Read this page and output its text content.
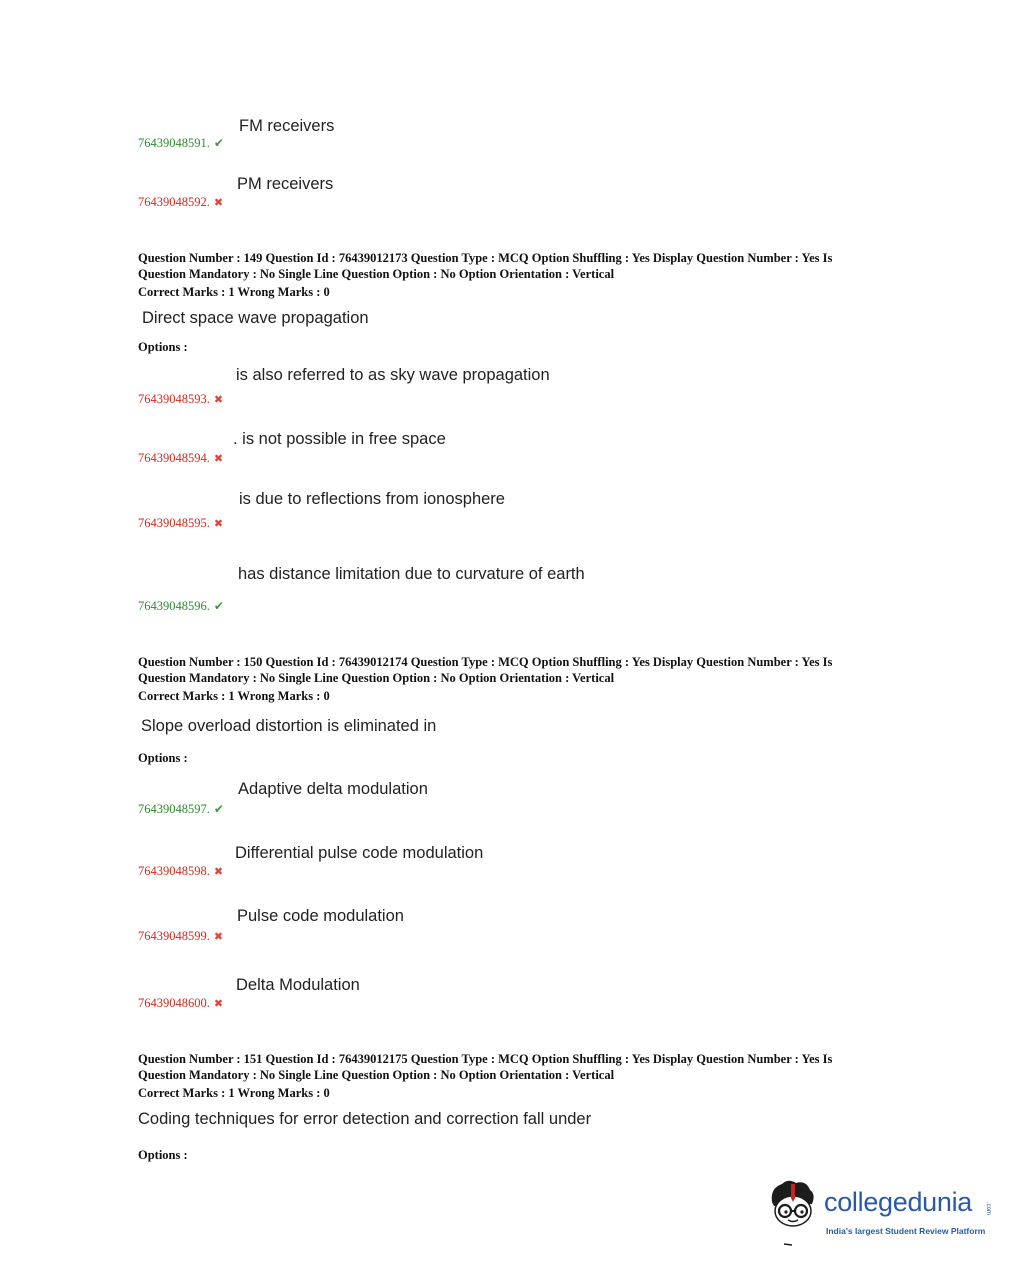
FM receivers
76439048591. ✔
PM receivers
76439048592. ✖
Question Number : 149 Question Id : 76439012173 Question Type : MCQ Option Shuffling : Yes Display Question Number : Yes Is
Question Mandatory : No Single Line Question Option : No Option Orientation : Vertical
Correct Marks : 1 Wrong Marks : 0
Direct space wave propagation
Options :
is also referred to as sky wave propagation
76439048593. ✖
. is not possible in free space
76439048594. ✖
is due to reflections from ionosphere
76439048595. ✖
has distance limitation due to curvature of earth
76439048596. ✔
Question Number : 150 Question Id : 76439012174 Question Type : MCQ Option Shuffling : Yes Display Question Number : Yes Is
Question Mandatory : No Single Line Question Option : No Option Orientation : Vertical
Correct Marks : 1 Wrong Marks : 0
Slope overload distortion is eliminated in
Options :
Adaptive delta modulation
76439048597. ✔
Differential pulse code modulation
76439048598. ✖
Pulse code modulation
76439048599. ✖
Delta Modulation
76439048600. ✖
Question Number : 151 Question Id : 76439012175 Question Type : MCQ Option Shuffling : Yes Display Question Number : Yes Is
Question Mandatory : No Single Line Question Option : No Option Orientation : Vertical
Correct Marks : 1 Wrong Marks : 0
Coding techniques for error detection and correction fall under
Options :
collegedunia .com
India's largest Student Review Platform
